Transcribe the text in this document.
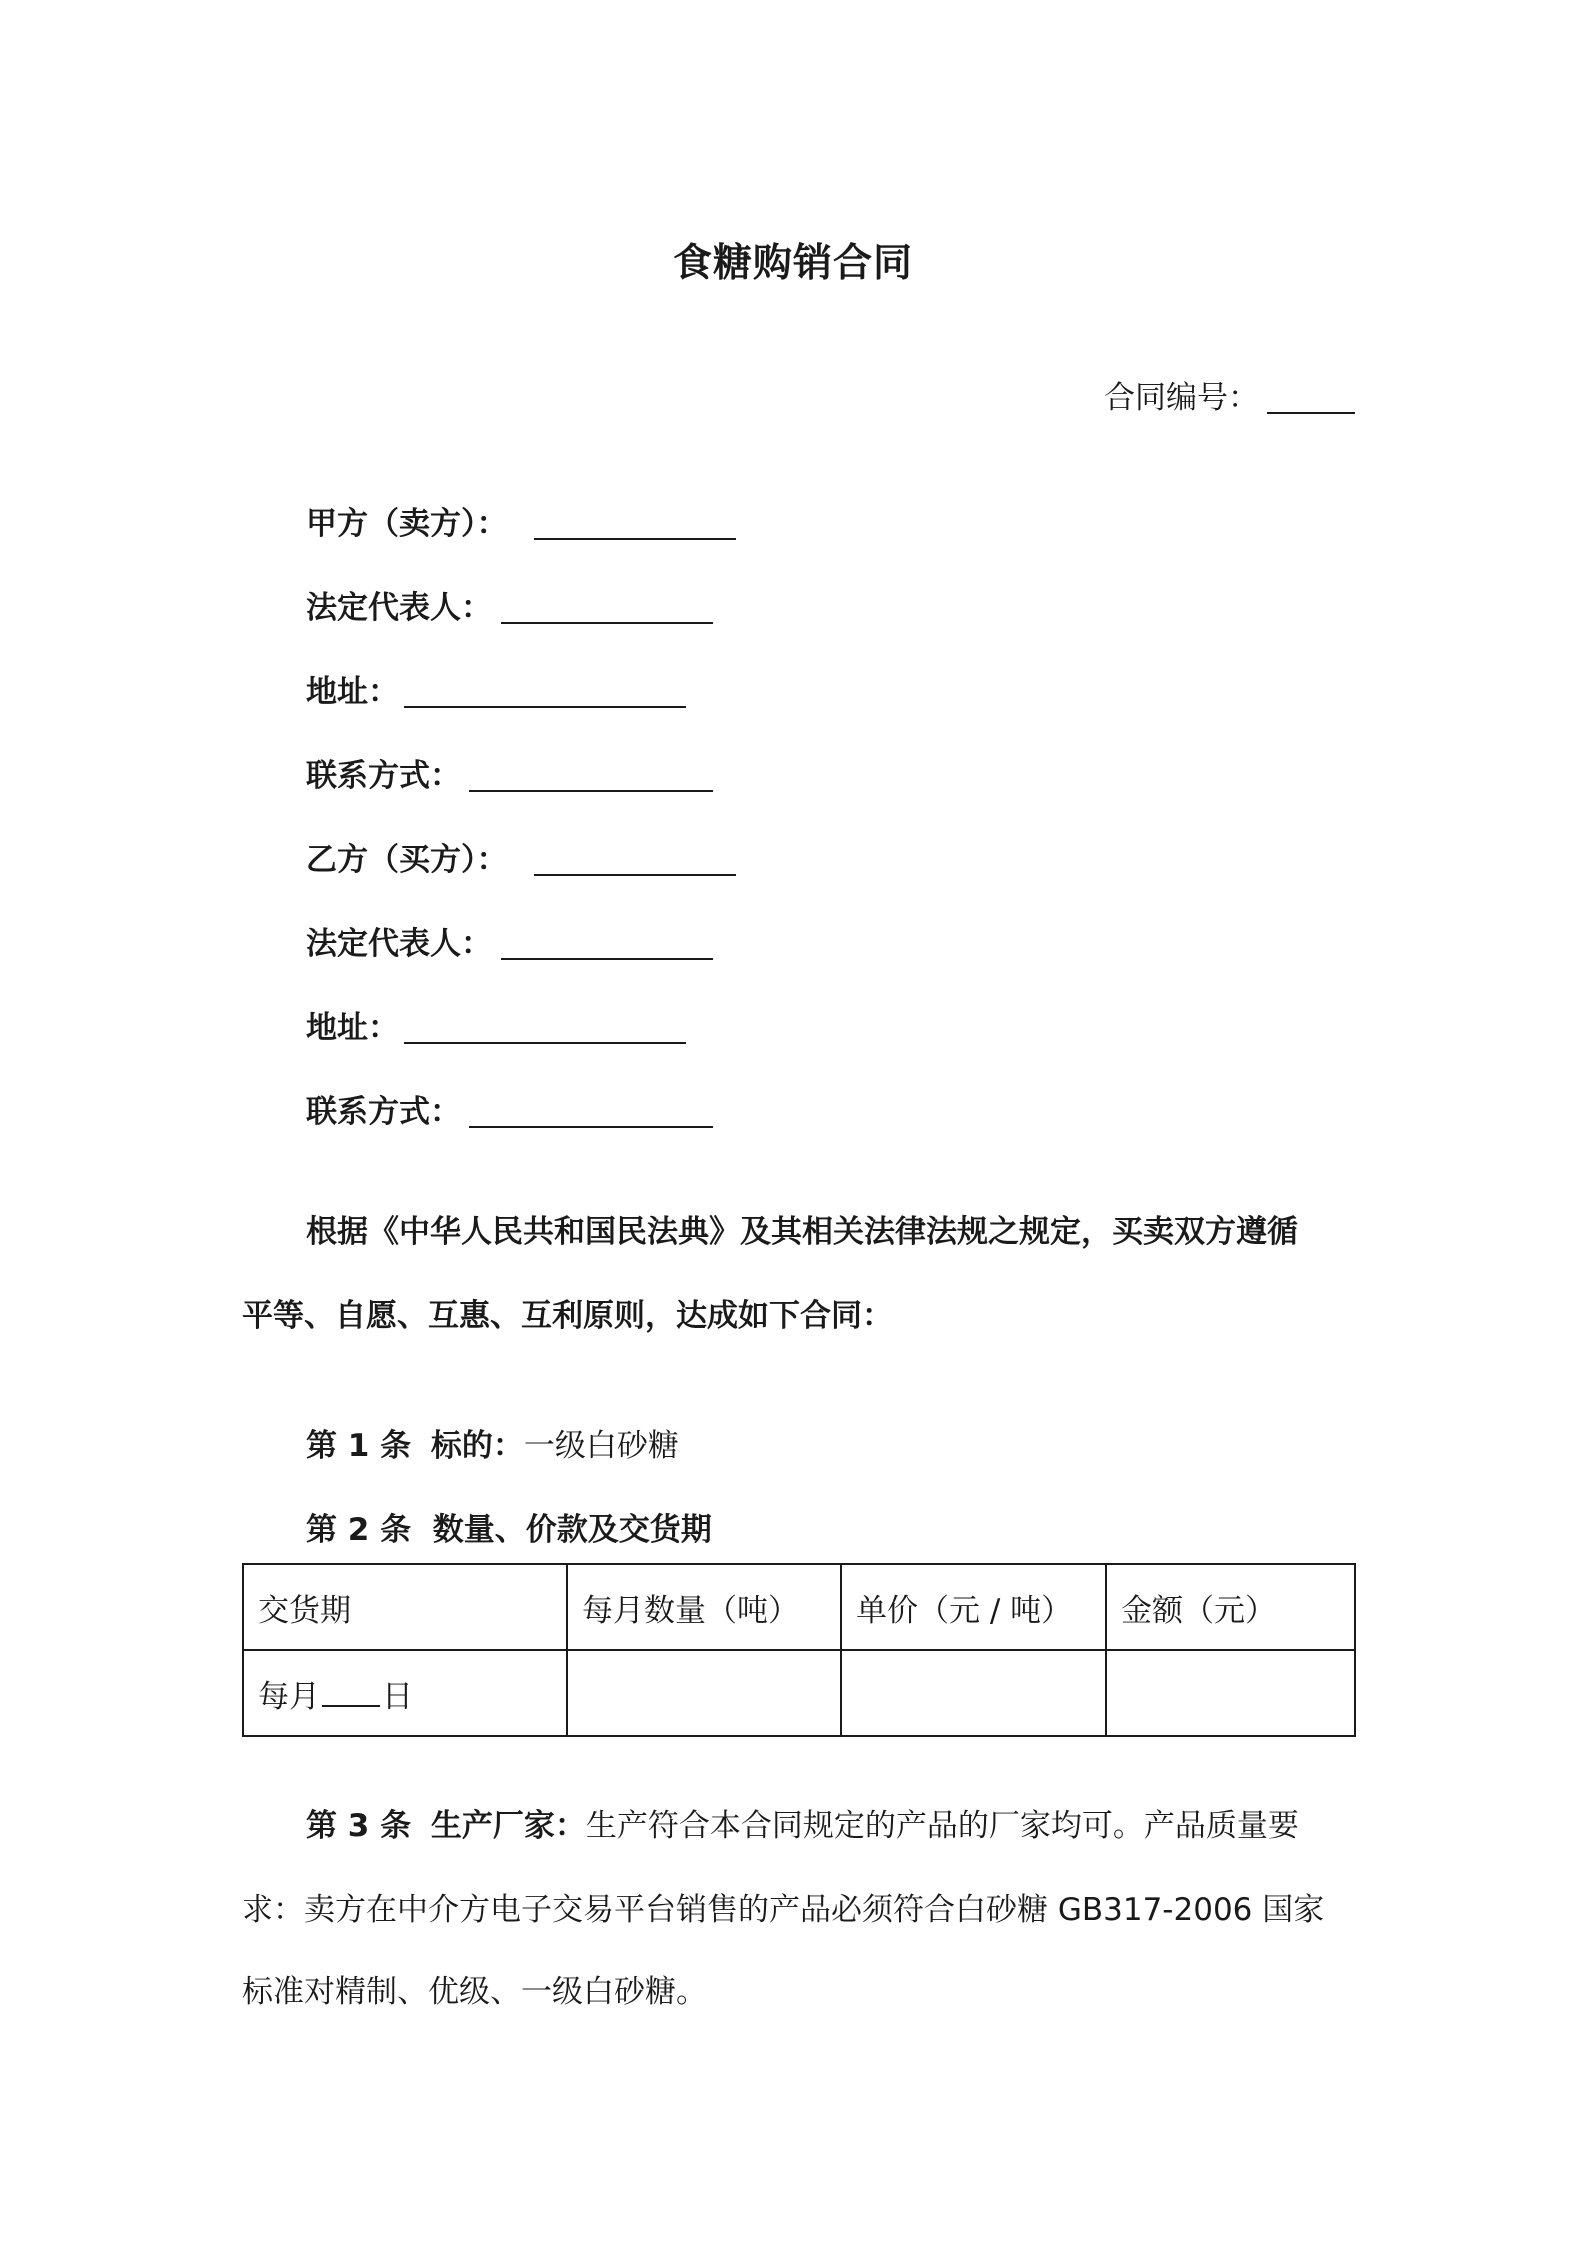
食糖购销合同
合同编号：
甲方（卖方）：
法定代表人：
地址：
联系方式：
乙方（买方）：
法定代表人：
地址：
联系方式：
根据《中华人民共和国民法典》及其相关法律法规之规定，买卖双方遵循
平等、自愿、互惠、互利原则，达成如下合同：
第 1 条 标的：一级白砂糖
第 2 条 数量、价款及交货期
交货期	每月数量（吨）	单价（元 / 吨）	金额（元）
每月 日			
第 3 条 生产厂家：生产符合本合同规定的产品的厂家均可。产品质量要
求：卖方在中介方电子交易平台销售的产品必须符合白砂糖 GB317-2006 国家
标准对精制、优级、一级白砂糖。
